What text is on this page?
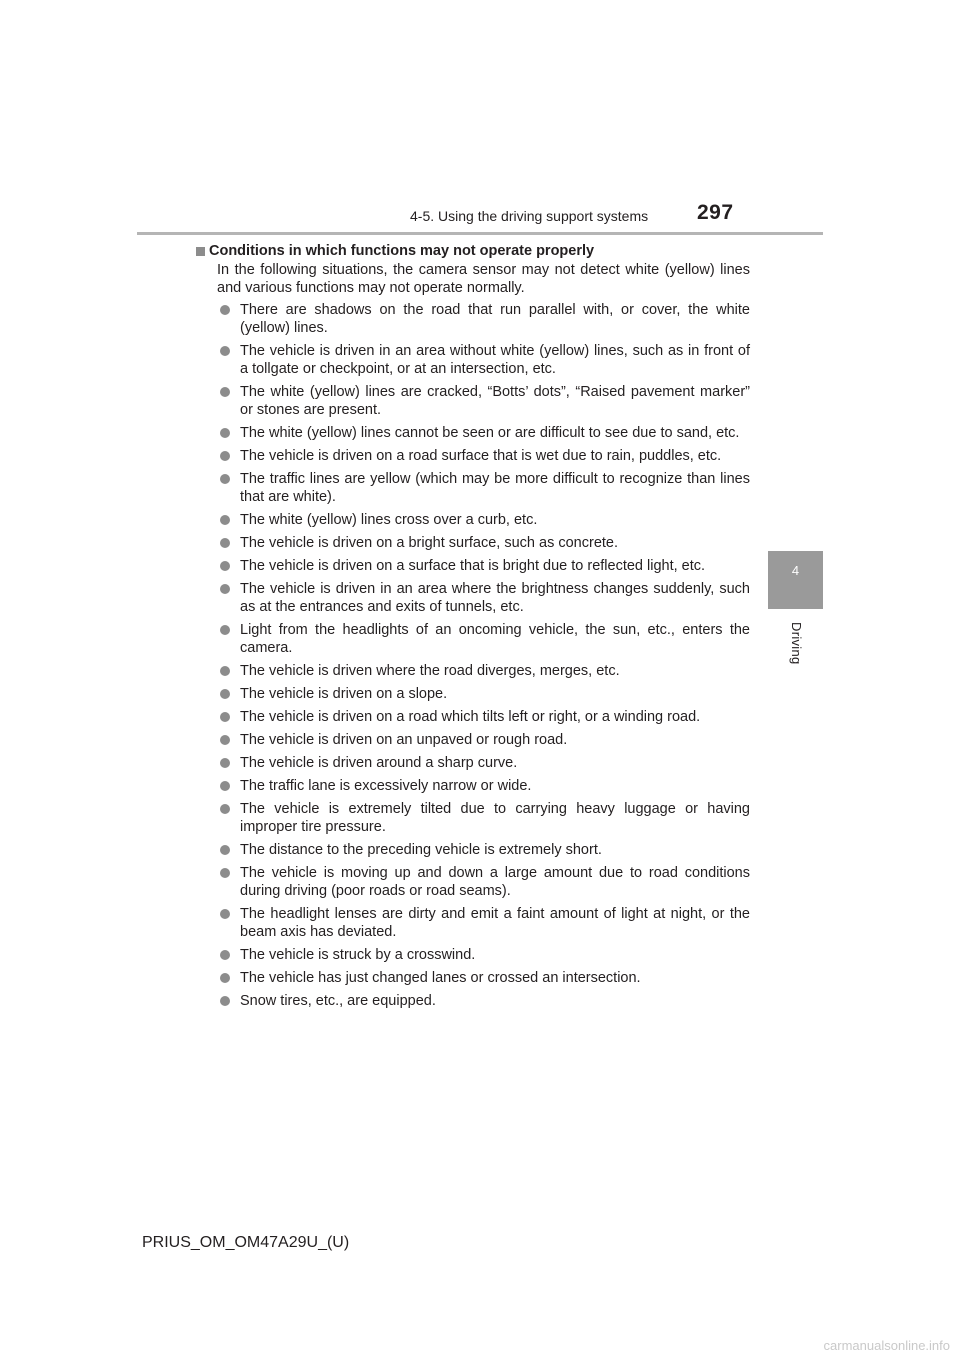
4-5. Using the driving support systems 297
4
Driving
Conditions in which functions may not operate properly
In the following situations, the camera sensor may not detect white (yellow) lines and various functions may not operate normally.
There are shadows on the road that run parallel with, or cover, the white (yellow) lines.
The vehicle is driven in an area without white (yellow) lines, such as in front of a tollgate or checkpoint, or at an intersection, etc.
The white (yellow) lines are cracked, “Botts’ dots”, “Raised pavement marker” or stones are present.
The white (yellow) lines cannot be seen or are difficult to see due to sand, etc.
The vehicle is driven on a road surface that is wet due to rain, puddles, etc.
The traffic lines are yellow (which may be more difficult to recognize than lines that are white).
The white (yellow) lines cross over a curb, etc.
The vehicle is driven on a bright surface, such as concrete.
The vehicle is driven on a surface that is bright due to reflected light, etc.
The vehicle is driven in an area where the brightness changes suddenly, such as at the entrances and exits of tunnels, etc.
Light from the headlights of an oncoming vehicle, the sun, etc., enters the camera.
The vehicle is driven where the road diverges, merges, etc.
The vehicle is driven on a slope.
The vehicle is driven on a road which tilts left or right, or a winding road.
The vehicle is driven on an unpaved or rough road.
The vehicle is driven around a sharp curve.
The traffic lane is excessively narrow or wide.
The vehicle is extremely tilted due to carrying heavy luggage or having improper tire pressure.
The distance to the preceding vehicle is extremely short.
The vehicle is moving up and down a large amount due to road conditions during driving (poor roads or road seams).
The headlight lenses are dirty and emit a faint amount of light at night, or the beam axis has deviated.
The vehicle is struck by a crosswind.
The vehicle has just changed lanes or crossed an intersection.
Snow tires, etc., are equipped.
PRIUS_OM_OM47A29U_(U)
carmanualsonline.info
